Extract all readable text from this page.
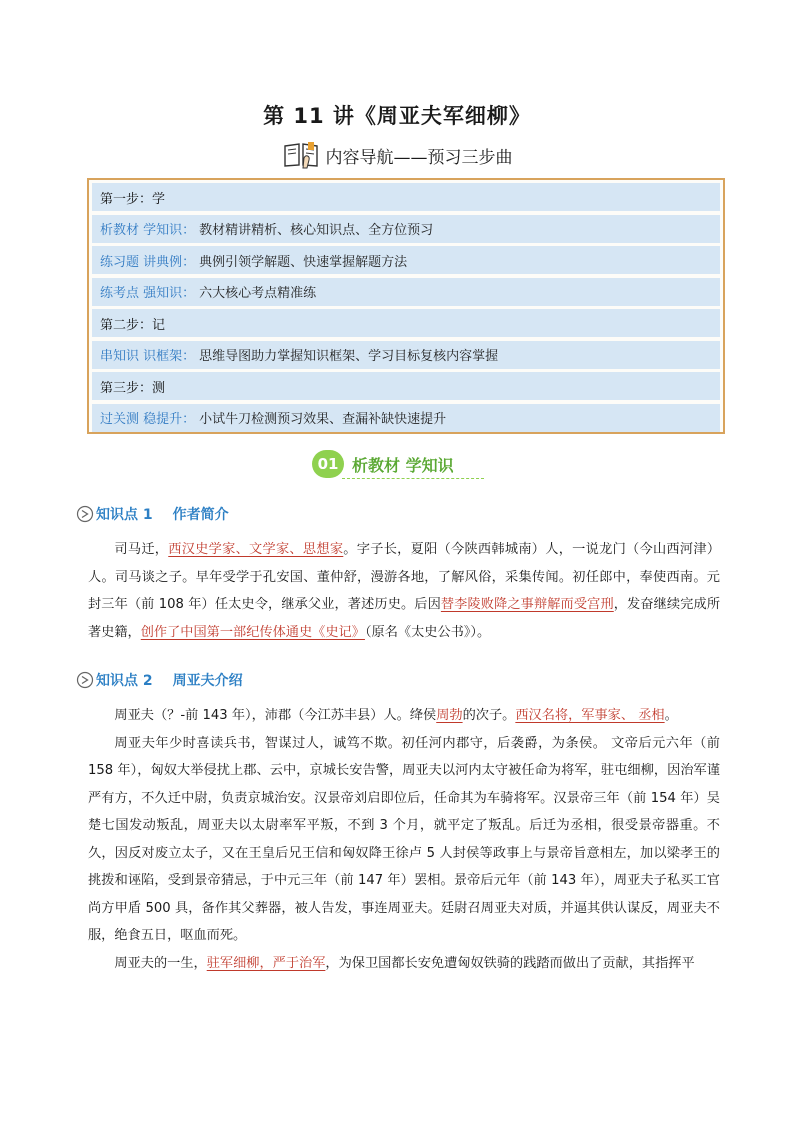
第 11 讲《周亚夫军细柳》
内容导航——预习三步曲
第一步：学
析教材 学知识： 教材精讲精析、核心知识点、全方位预习
练习题 讲典例： 典例引领学解题、快速掌握解题方法
练考点 强知识： 六大核心考点精准练
第二步：记
串知识 识框架： 思维导图助力掌握知识框架、学习目标复核内容掌握
第三步：测
过关测 稳提升： 小试牛刀检测预习效果、查漏补缺快速提升
01 析教材 学知识
知识点 1 作者简介

司马迁，西汉史学家、文学家、思想家。字子长，夏阳（今陕西韩城南）人，一说龙门（今山西河津）人。司马谈之子。早年受学于孔安国、董仲舒，漫游各地，了解风俗，采集传闻。初任郎中，奉使西南。元封三年（前 108 年）任太史令，继承父业，著述历史。后因替李陵败降之事辩解而受宫刑，发奋继续完成所著史籍，创作了中国第一部纪传体通史《史记》（原名《太史公书》）。

知识点 2 周亚夫介绍

周亚夫（？-前 143 年），沛郡（今江苏丰县）人。绛侯周勃的次子。西汉名将，军事家、 丞相。

周亚夫年少时喜读兵书，智谋过人，诚笃不欺。初任河内郡守，后袭爵，为条侯。 文帝后元六年（前 158 年），匈奴大举侵扰上郡、云中，京城长安告警，周亚夫以河内太守被任命为将军，驻屯细柳，因治军谨严有方，不久迁中尉，负责京城治安。汉景帝刘启即位后，任命其为车骑将军。汉景帝三年（前 154 年）吴楚七国发动叛乱，周亚夫以太尉率军平叛，不到 3 个月，就平定了叛乱。后迁为丞相，很受景帝器重。不久，因反对废立太子，又在王皇后兄王信和匈奴降王徐卢 5 人封侯等政事上与景帝旨意相左，加以梁孝王的挑拨和诬陷，受到景帝猜忌，于中元三年（前 147 年）罢相。景帝后元年（前 143 年），周亚夫子私买工官尚方甲盾 500 具，备作其父葬器，被人告发，事连周亚夫。廷尉召周亚夫对质，并逼其供认谋反，周亚夫不服，绝食五日，呕血而死。

周亚夫的一生，驻军细柳，严于治军，为保卫国都长安免遭匈奴铁骑的践踏而做出了贡献，其指挥平
